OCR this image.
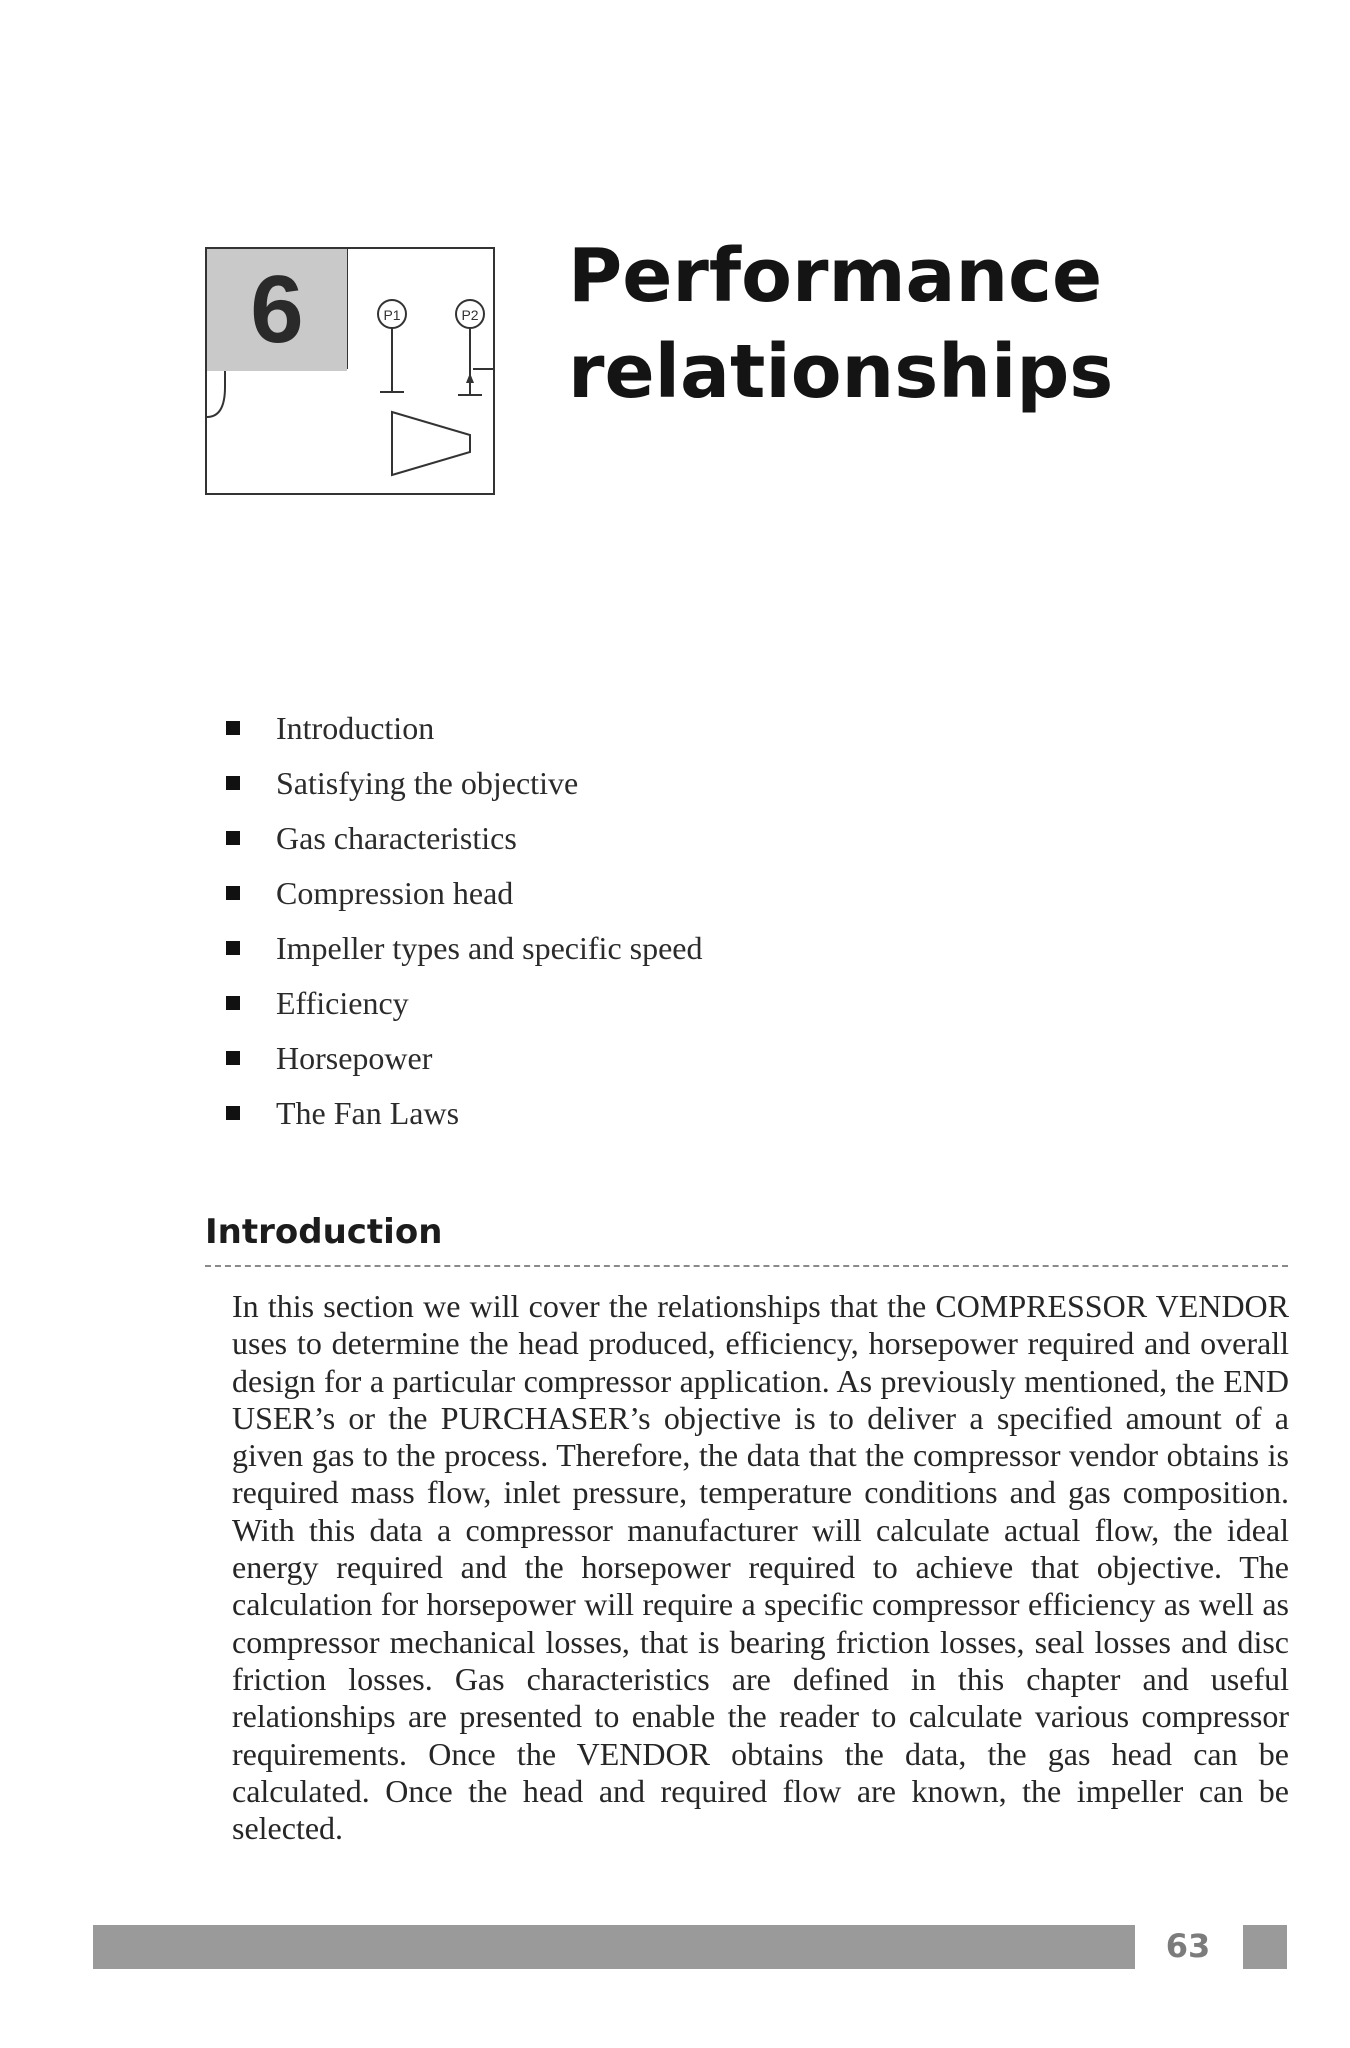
P1	P2
6	Performance
relationships
Introduction
Satisfying the objective
Gas characteristics
Compression head
Impeller types and specific speed
Efficiency
Horsepower
The Fan Laws
Introduction

In this section we will cover the relationships that the COMPRESSOR VENDOR uses to determine the head produced, efficiency, horsepower required and overall design for a particular compressor application. As previously mentioned, the END USER’s or the PURCHASER’s objective is to deliver a specified amount of a given gas to the process. Therefore, the data that the compressor vendor obtains is required mass flow, inlet pressure, temperature conditions and gas composition. With this data a compressor manufacturer will calculate actual flow, the ideal energy required and the horsepower required to achieve that objective. The calculation for horsepower will require a specific compressor efficiency as well as compressor mechanical losses, that is bearing friction losses, seal losses and disc friction losses. Gas characteristics are defined in this chapter and useful relationships are presented to enable the reader to calculate various compressor requirements. Once the VENDOR obtains the data, the gas head can be calculated. Once the head and required flow are known, the impeller can be selected.

63
